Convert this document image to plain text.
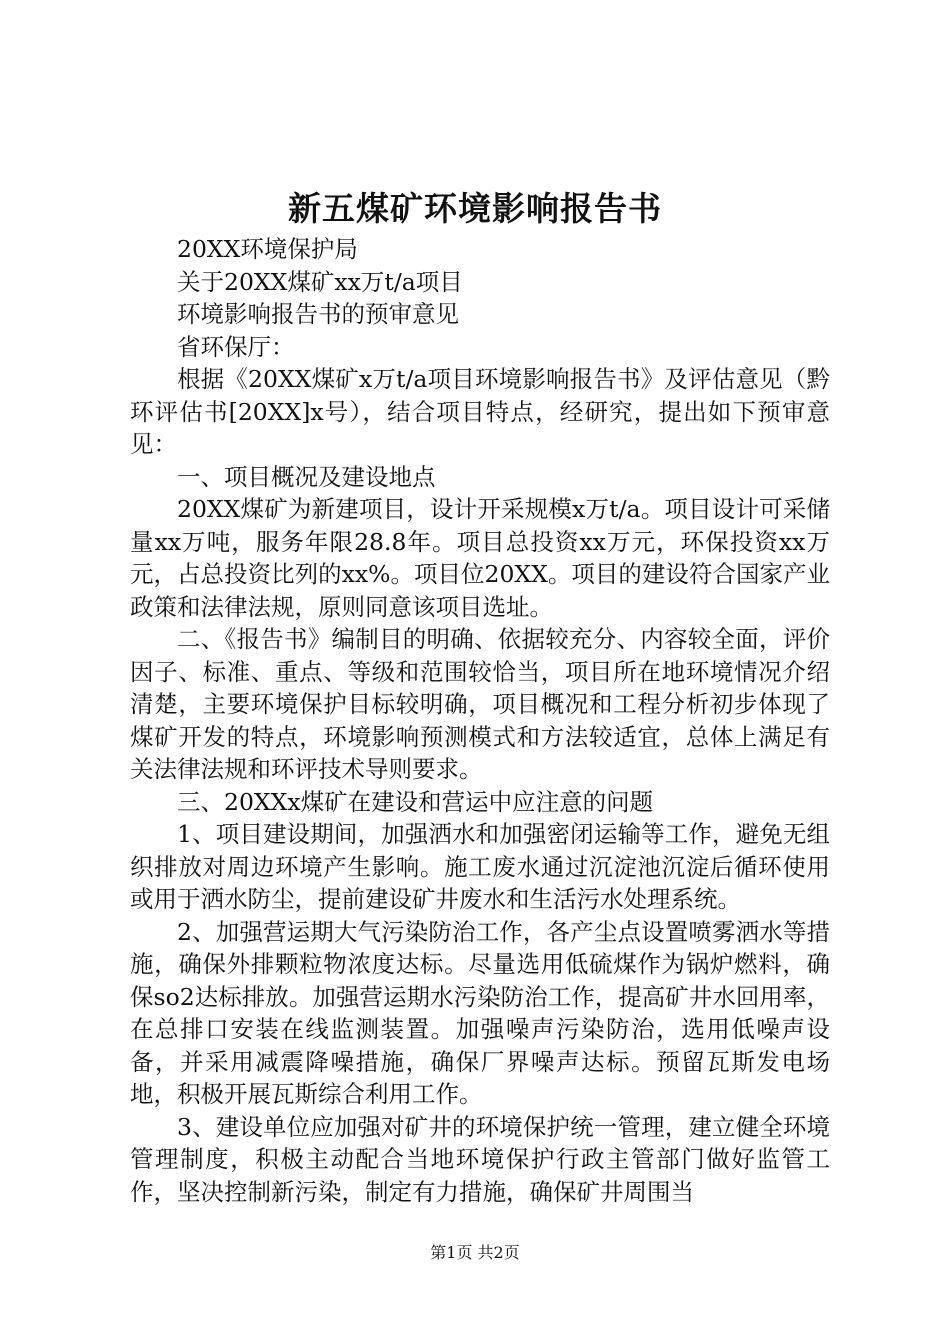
新五煤矿环境影响报告书

20XX环境保护局

关于20XX煤矿xx万t/a项目

环境影响报告书的预审意见

省环保厅：

根据《20XX煤矿x万t/a项目环境影响报告书》及评估意见（黔环评估书[20XX]x号），结合项目特点，经研究，提出如下预审意见：

一、项目概况及建设地点

20XX煤矿为新建项目，设计开采规模x万t/a。项目设计可采储量xx万吨，服务年限28.8年。项目总投资xx万元，环保投资xx万元，占总投资比列的xx%。项目位20XX。项目的建设符合国家产业政策和法律法规，原则同意该项目选址。

二、《报告书》编制目的明确、依据较充分、内容较全面，评价因子、标准、重点、等级和范围较恰当，项目所在地环境情况介绍清楚，主要环境保护目标较明确，项目概况和工程分析初步体现了煤矿开发的特点，环境影响预测模式和方法较适宜，总体上满足有关法律法规和环评技术导则要求。

三、20XXx煤矿在建设和营运中应注意的问题

1、项目建设期间，加强洒水和加强密闭运输等工作，避免无组织排放对周边环境产生影响。施工废水通过沉淀池沉淀后循环使用或用于洒水防尘，提前建设矿井废水和生活污水处理系统。

2、加强营运期大气污染防治工作，各产尘点设置喷雾洒水等措施，确保外排颗粒物浓度达标。尽量选用低硫煤作为锅炉燃料，确保so2达标排放。加强营运期水污染防治工作，提高矿井水回用率，在总排口安装在线监测装置。加强噪声污染防治，选用低噪声设备，并采用减震降噪措施，确保厂界噪声达标。预留瓦斯发电场地，积极开展瓦斯综合利用工作。

3、建设单位应加强对矿井的环境保护统一管理，建立健全环境管理制度，积极主动配合当地环境保护行政主管部门做好监管工作，坚决控制新污染，制定有力措施，确保矿井周围当

第1页 共2页
